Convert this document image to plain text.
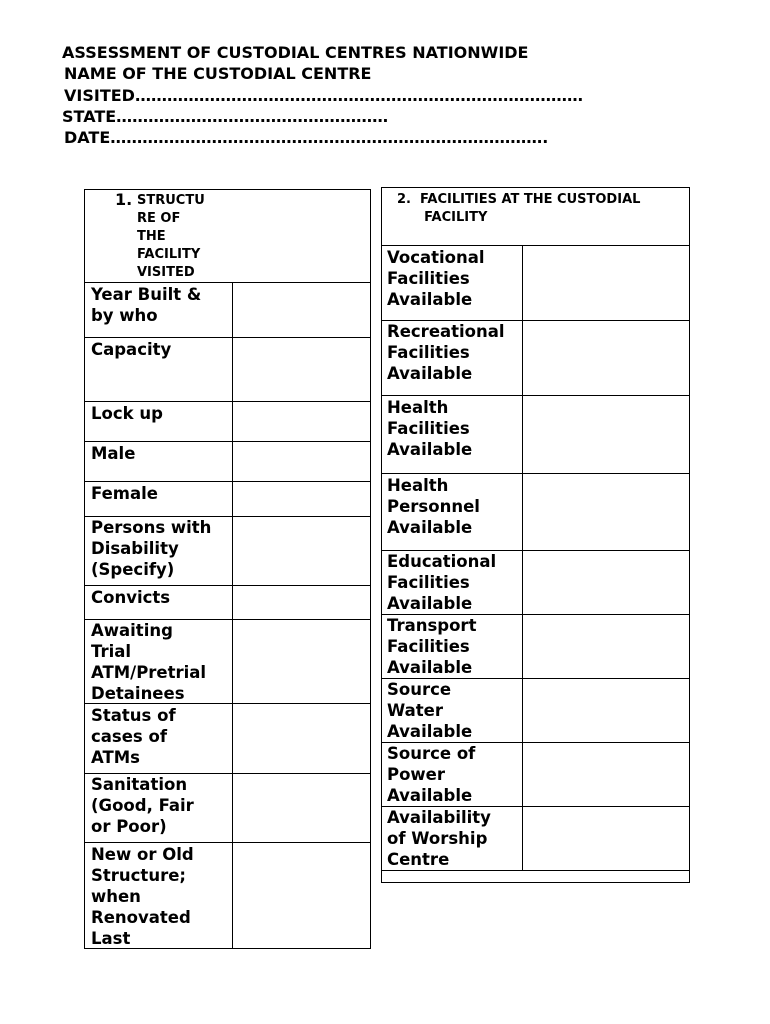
ASSESSMENT OF CUSTODIAL CENTRES NATIONWIDE
NAME OF THE CUSTODIAL CENTRE
VISITED…………………………………………………………………………
STATE……………………………………………
DATE……………………………………………………………………….
1. STRUCTU
RE OF
THE
FACILITY
VISITED
Year Built &
by who
Capacity
Lock up
Male
Female
Persons with
Disability
(Specify)
Convicts
Awaiting
Trial
ATM/Pretrial
Detainees
Status of
cases of
ATMs
Sanitation
(Good, Fair
or Poor)
New or Old
Structure;
when
Renovated
Last
2.  FACILITIES AT THE CUSTODIAL
FACILITY
Vocational
Facilities
Available
Recreational
Facilities
Available
Health
Facilities
Available
Health
Personnel
Available
Educational
Facilities
Available
Transport
Facilities
Available
Source
Water
Available
Source of
Power
Available
Availability
of Worship
Centre
